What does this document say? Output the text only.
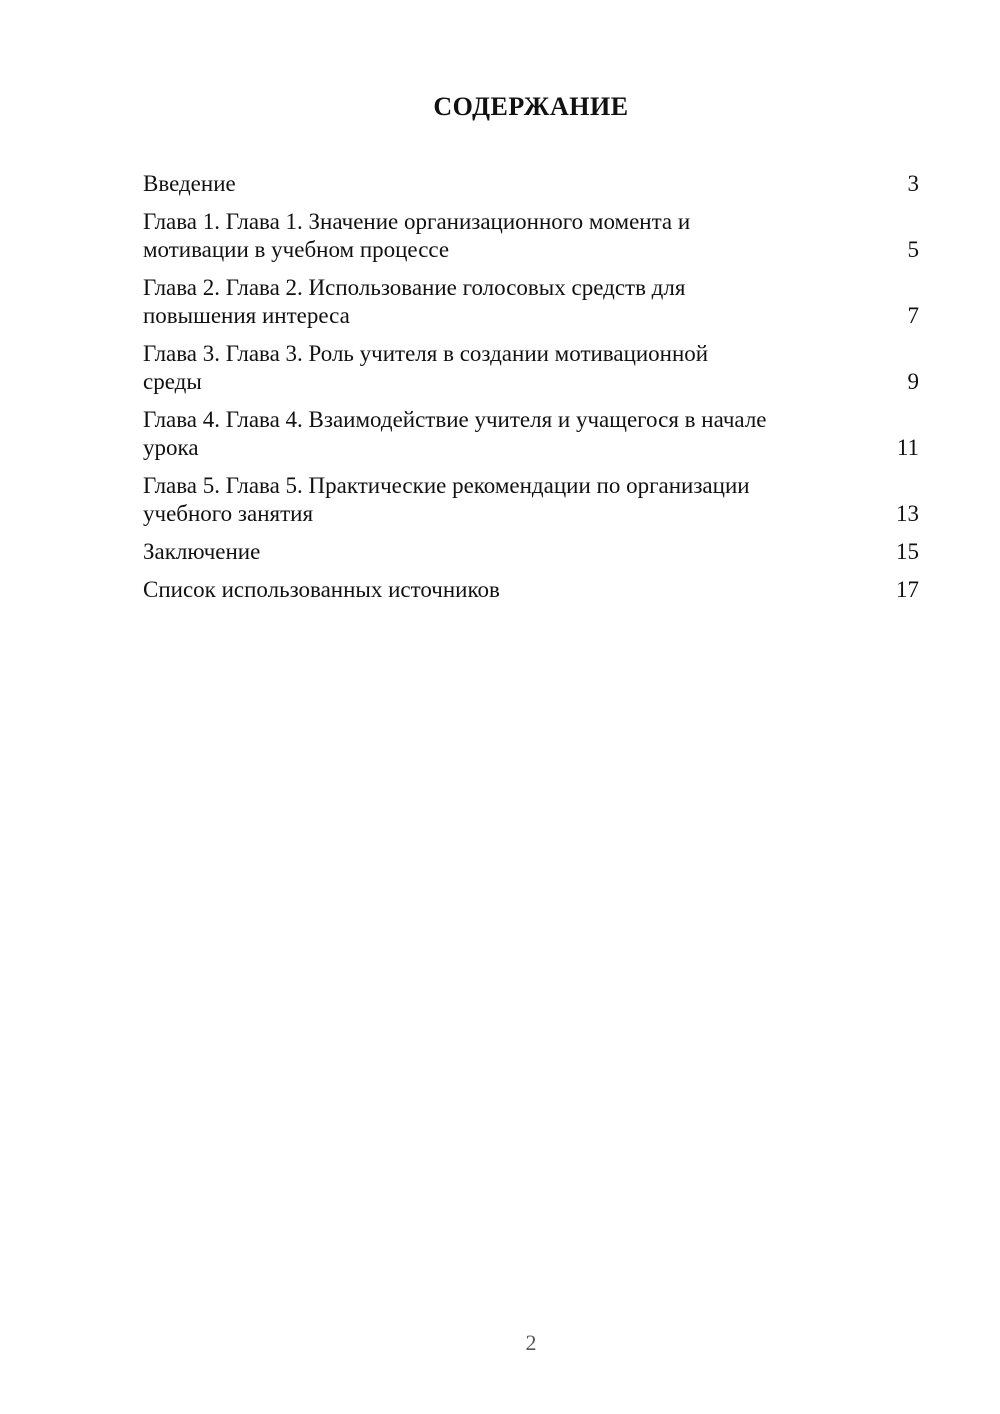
СОДЕРЖАНИЕ
Введение	3
Глава 1. Глава 1. Значение организационного момента и
мотивации в учебном процессе	5
Глава 2. Глава 2. Использование голосовых средств для
повышения интереса	7
Глава 3. Глава 3. Роль учителя в создании мотивационной
среды	9
Глава 4. Глава 4. Взаимодействие учителя и учащегося в начале
урока	11
Глава 5. Глава 5. Практические рекомендации по организации
учебного занятия	13
Заключение	15
Список использованных источников	17
2
